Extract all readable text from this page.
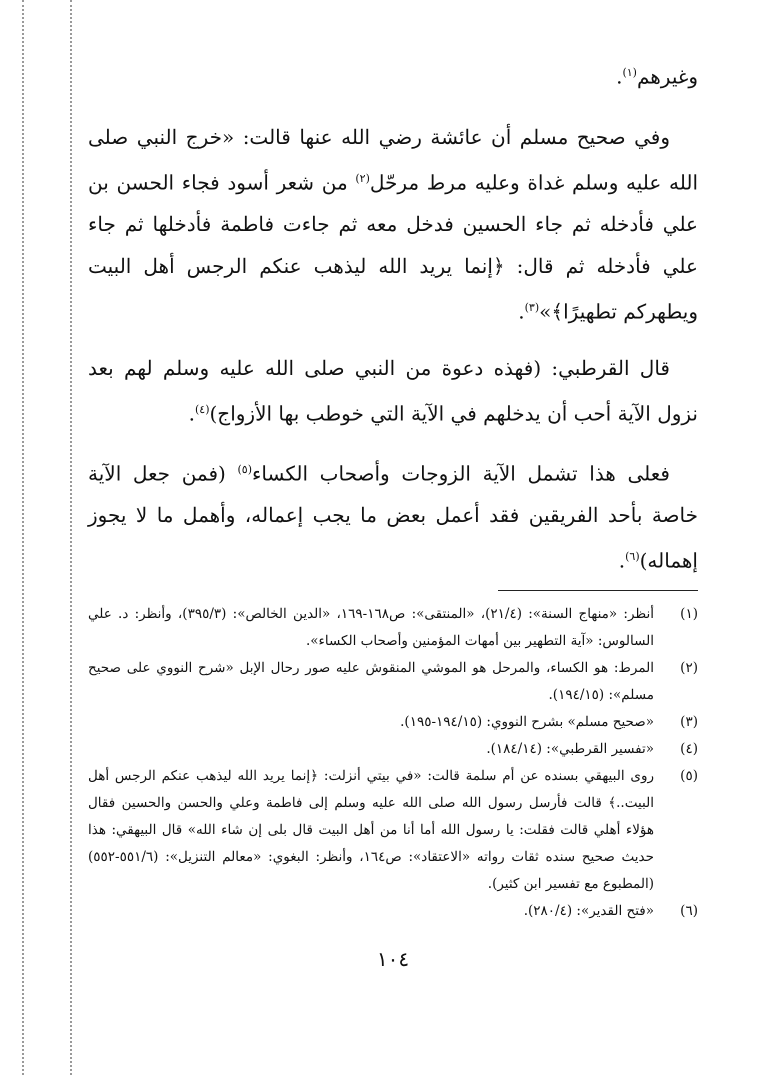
وغيرهم$^{(١)}$.

وفي صحيح مسلم أن عائشة رضي الله عنها قالت: «خرج النبي صلى الله عليه وسلم غداة وعليه مرط مرحّل$^{(٢)}$ من شعر أسود فجاء الحسن بن علي فأدخله ثم جاء الحسين فدخل معه ثم جاءت فاطمة فأدخلها ثم جاء علي فأدخله ثم قال: ﴿إنما يريد الله ليذهب عنكم الرجس أهل البيت ويطهركم تطهيرًا﴾»$^{(٣)}$.

قال القرطبي: (فهذه دعوة من النبي صلى الله عليه وسلم لهم بعد نزول الآية أحب أن يدخلهم في الآية التي خوطب بها الأزواج)$^{(٤)}$.

فعلى هذا تشمل الآية الزوجات وأصحاب الكساء$^{(٥)}$ (فمن جعل الآية خاصة بأحد الفريقين فقد أعمل بعض ما يجب إعماله، وأهمل ما لا يجوز إهماله)$^{(٦)}$.

(١)
أنظر: «منهاج السنة»: (٢١/٤)، «المنتقى»: ص١٦٨-١٦٩، «الدين الخالص»: (٣٩٥/٣)، وأنظر: د. علي السالوس: «آية التطهير بين أمهات المؤمنين وأصحاب الكساء».
(٢)
المرط: هو الكساء، والمرحل هو الموشي المنقوش عليه صور رحال الإبل «شرح النووي على صحيح مسلم»: (١٩٤/١٥).
(٣)
«صحيح مسلم» بشرح النووي: (١٩٤/١٥-١٩٥).
(٤)
«تفسير القرطبي»: (١٨٤/١٤).
(٥)
روى البيهقي بسنده عن أم سلمة قالت: «في بيتي أنزلت: ﴿إنما يريد الله ليذهب عنكم الرجس أهل البيت..﴾ قالت فأرسل رسول الله صلى الله عليه وسلم إلى فاطمة وعلي والحسن والحسين فقال هؤلاء أهلي قالت فقلت: يا رسول الله أما أنا من أهل البيت قال بلى إن شاء الله» قال البيهقي: هذا حديث صحيح سنده ثقات رواته «الاعتقاد»: ص١٦٤، وأنظر: البغوي: «معالم التنزيل»: (٥٥١/٦-٥٥٢) (المطبوع مع تفسير ابن كثير).
(٦)
«فتح القدير»: (٢٨٠/٤).
١٠٤
